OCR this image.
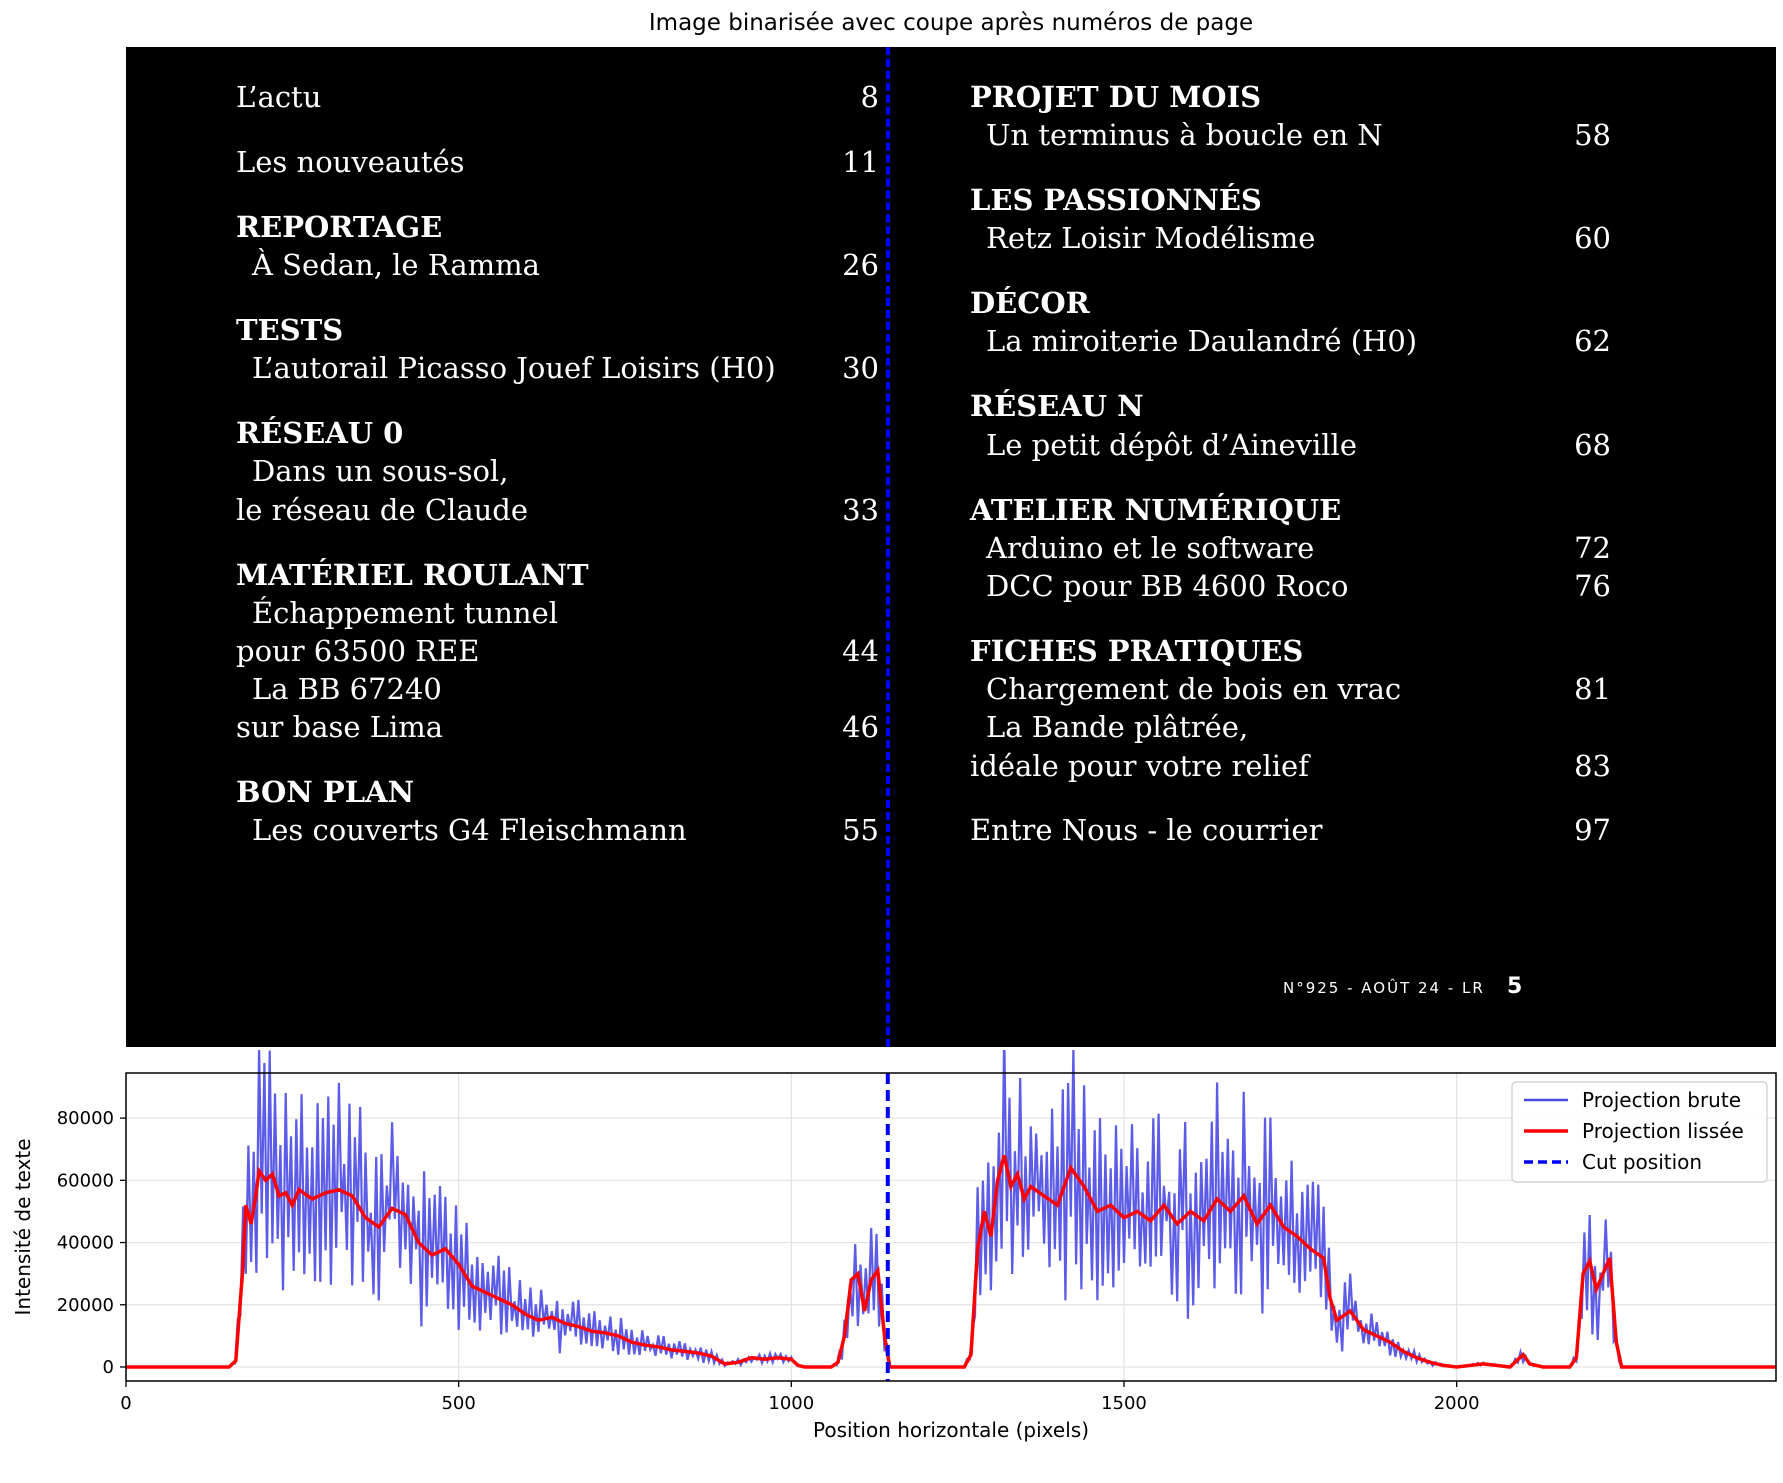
Image binarisée avec coupe après numéros de page
L’actu	8
Les nouveautés	11
REPORTAGE
À Sedan, le Ramma	26
TESTS
L’autorail Picasso Jouef Loisirs (H0)	30
RÉSEAU 0
Dans un sous-sol,
le réseau de Claude	33
MATÉRIEL ROULANT
Échappement tunnel
pour 63500 REE	44
La BB 67240
sur base Lima	46
BON PLAN
Les couverts G4 Fleischmann	55
PROJET DU MOIS
Un terminus à boucle en N	58
LES PASSIONNÉS
Retz Loisir Modélisme	60
DÉCOR
La miroiterie Daulandré (H0)	62
RÉSEAU N
Le petit dépôt d’Aineville	68
ATELIER NUMÉRIQUE
Arduino et le software	72
DCC pour BB 4600 Roco	76
FICHES PRATIQUES
Chargement de bois en vrac	81
La Bande plâtrée,
idéale pour votre relief	83
Entre Nous - le courrier	97
N°925 - AOÛT 24 - LR 5
0	500	1000	1500	2000
0
20000
40000
60000
80000
Position horizontale (pixels)
Intensité de texte
Projection brute
Projection lissée
Cut position
